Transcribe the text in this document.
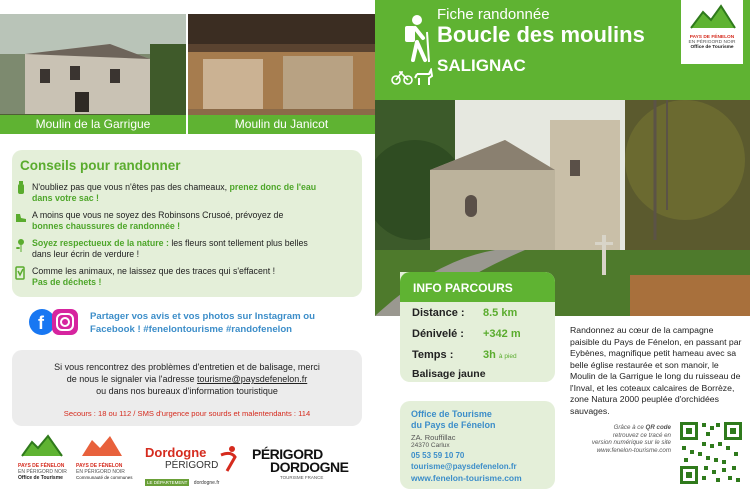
Moulin de la Garrigue	Moulin du Janicot
Conseils pour randonner
N'oubliez pas que vous n'êtes pas des chameaux, prenez donc de l'eau
dans votre sac !
A moins que vous ne soyez des Robinsons Crusoé, prévoyez de
bonnes chaussures de randonnée !
Soyez respectueux de la nature : les fleurs sont tellement plus belles
dans leur écrin de verdure !
Comme les animaux, ne laissez que des traces qui s'effacent !
Pas de déchets !
f	Partager vos avis et vos photos sur Instagram ou
Facebook ! #fenelontourisme #randofenelon
Si vous rencontrez des problèmes d'entretien et de balisage, merci
de nous le signaler via l'adresse tourisme@paysdefenelon.fr
ou dans nos bureaux d'information touristique
Secours : 18 ou 112 / SMS d'urgence pour sourds et malentendants : 114
PAYS DE FÉNELON
EN PÉRIGORD NOIR
Office de Tourisme
PAYS DE FÉNELON
EN PÉRIGORD NOIR
Communauté de communes
Dordogne
PÉRIGORD
LE DÉPARTEMENT dordogne.fr
PÉRIGORD
DORDOGNE
TOURISME FRANCE
Fiche randonnée
Boucle des moulins
SALIGNAC
PAYS DE FÉNELON
EN PÉRIGORD NOIR
Office de Tourisme
INFO PARCOURS
Distance : 8.5 km
Dénivelé : +342 m
Temps :	3h à pied
Balisage jaune
Randonnez au cœur de la campagne paisible du Pays de Fénelon, en passant par Eybènes, magnifique petit hameau avec sa belle église restaurée et son manoir, le Moulin de la Garrigue le long du ruisseau de l'Inval, et les coteaux calcaires de Borrèze, zone Natura 2000 peuplée d'orchidées sauvages.
Office de Tourisme
du Pays de Fénelon
ZA. Rouffillac
24370 Carlux
05 53 59 10 70
tourisme@paysdefenelon.fr
www.fenelon-tourisme.com
Grâce à ce QR code
retrouvez ce tracé en
version numérique sur le site
www.fenelon-tourisme.com
